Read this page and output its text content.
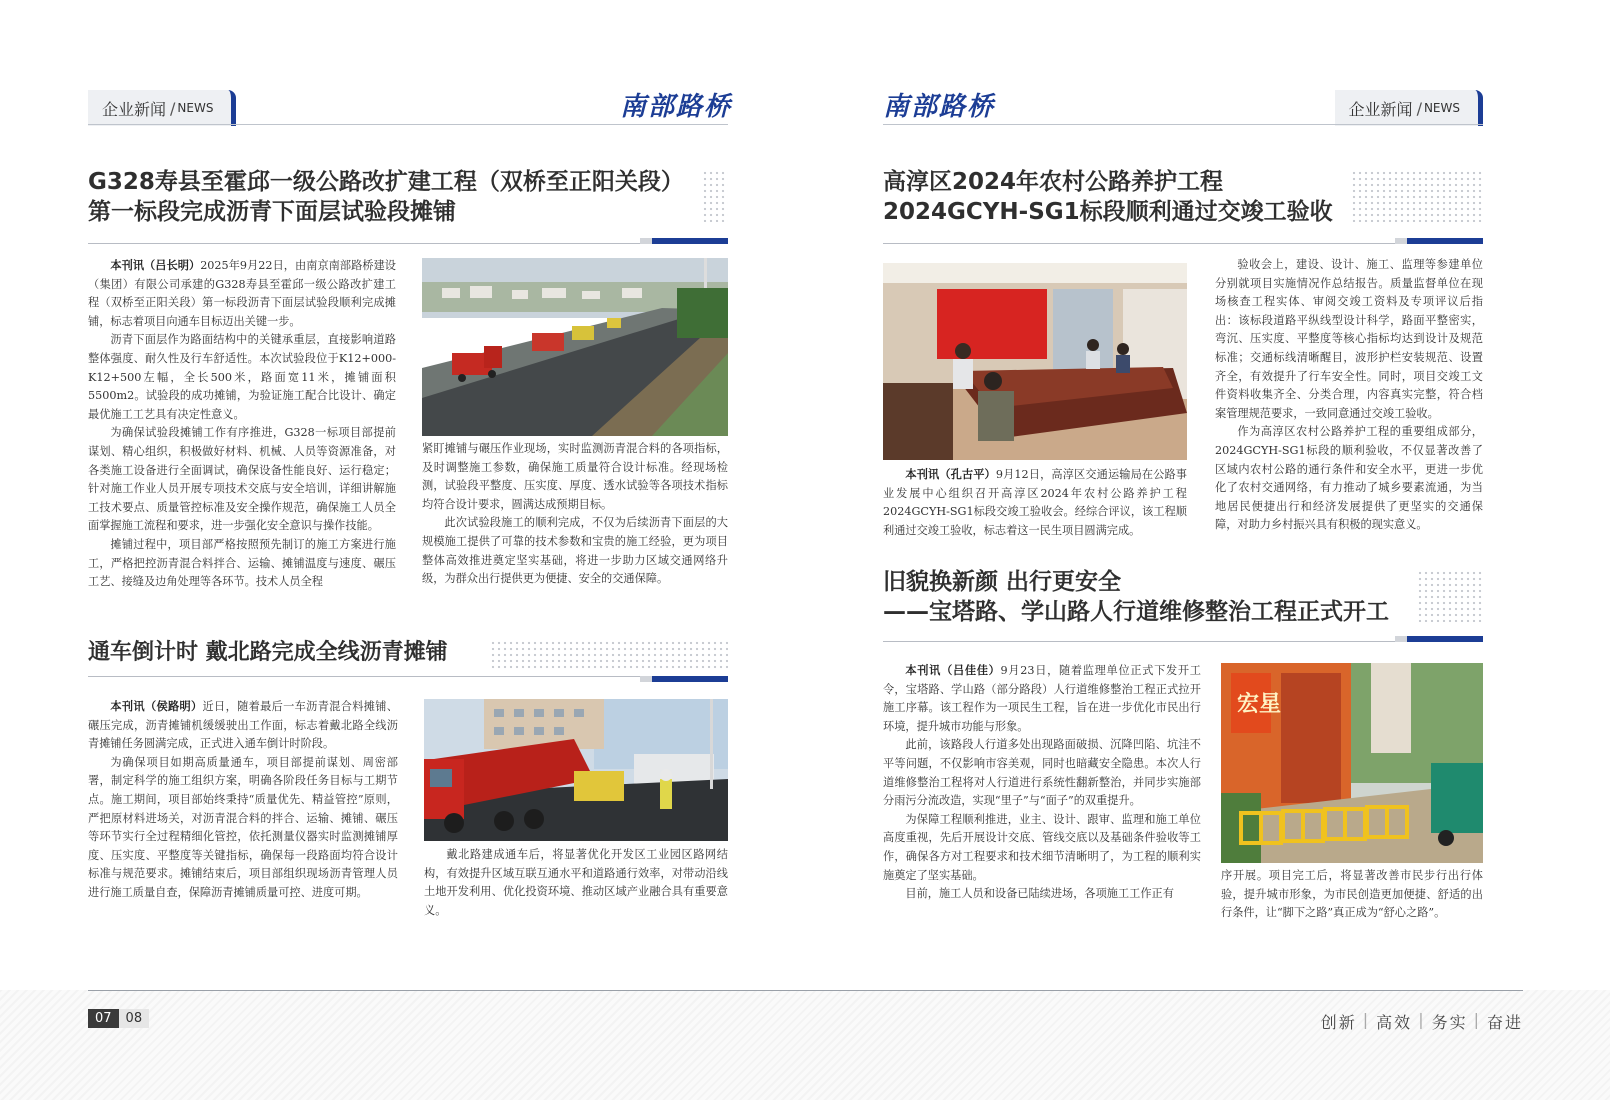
企业新闻 / NEWS	南部路桥
G328寿县至霍邱一级公路改扩建工程（双桥至正阳关段）
第一标段完成沥青下面层试验段摊铺

本刊讯（吕长明）2025年9月22日，由南京南部路桥建设（集团）有限公司承建的G328寿县至霍邱一级公路改扩建工程（双桥至正阳关段）第一标段沥青下面层试验段顺利完成摊铺，标志着项目向通车目标迈出关键一步。

沥青下面层作为路面结构中的关键承重层，直接影响道路整体强度、耐久性及行车舒适性。本次试验段位于K12+000-K12+500左幅，全长500米，路面宽11米，摊铺面积5500m2。试验段的成功摊铺，为验证施工配合比设计、确定最优施工工艺具有决定性意义。

为确保试验段摊铺工作有序推进，G328一标项目部提前谋划、精心组织，积极做好材料、机械、人员等资源准备，对各类施工设备进行全面调试，确保设备性能良好、运行稳定；针对施工作业人员开展专项技术交底与安全培训，详细讲解施工技术要点、质量管控标准及安全操作规范，确保施工人员全面掌握施工流程和要求，进一步强化安全意识与操作技能。

摊铺过程中，项目部严格按照预先制订的施工方案进行施工，严格把控沥青混合料拌合、运输、摊铺温度与速度、碾压工艺、接缝及边角处理等各环节。技术人员全程

紧盯摊铺与碾压作业现场，实时监测沥青混合料的各项指标，及时调整施工参数，确保施工质量符合设计标准。经现场检测，试验段平整度、压实度、厚度、透水试验等各项技术指标均符合设计要求，圆满达成预期目标。

此次试验段施工的顺利完成，不仅为后续沥青下面层的大规模施工提供了可靠的技术参数和宝贵的施工经验，更为项目整体高效推进奠定坚实基础，将进一步助力区域交通网络升级，为群众出行提供更为便捷、安全的交通保障。

通车倒计时 戴北路完成全线沥青摊铺

本刊讯（侯路明）近日，随着最后一车沥青混合料摊铺、碾压完成，沥青摊铺机缓缓驶出工作面，标志着戴北路全线沥青摊铺任务圆满完成，正式进入通车倒计时阶段。

为确保项目如期高质量通车，项目部提前谋划、周密部署，制定科学的施工组织方案，明确各阶段任务目标与工期节点。施工期间，项目部始终秉持“质量优先、精益管控”原则，严把原材料进场关，对沥青混合料的拌合、运输、摊铺、碾压等环节实行全过程精细化管控，依托测量仪器实时监测摊铺厚度、压实度、平整度等关键指标，确保每一段路面均符合设计标准与规范要求。摊铺结束后，项目部组织现场沥青管理人员进行施工质量自查，保障沥青摊铺质量可控、进度可期。

戴北路建成通车后，将显著优化开发区工业园区路网结构，有效提升区域互联互通水平和道路通行效率，对带动沿线土地开发利用、优化投资环境、推动区域产业融合具有重要意义。

南部路桥	企业新闻 / NEWS
高淳区2024年农村公路养护工程
2024GCYH-SG1标段顺利通过交竣工验收

本刊讯（孔古平）9月12日，高淳区交通运输局在公路事业发展中心组织召开高淳区2024年农村公路养护工程2024GCYH-SG1标段交竣工验收会。经综合评议，该工程顺利通过交竣工验收，标志着这一民生项目圆满完成。

验收会上，建设、设计、施工、监理等参建单位分别就项目实施情况作总结报告。质量监督单位在现场核查工程实体、审阅交竣工资料及专项评议后指出：该标段道路平纵线型设计科学，路面平整密实，弯沉、压实度、平整度等核心指标均达到设计及规范标准；交通标线清晰醒目，波形护栏安装规范、设置齐全，有效提升了行车安全性。同时，项目交竣工文件资料收集齐全、分类合理，内容真实完整，符合档案管理规范要求，一致同意通过交竣工验收。

作为高淳区农村公路养护工程的重要组成部分，2024GCYH-SG1标段的顺利验收，不仅显著改善了区域内农村公路的通行条件和安全水平，更进一步优化了农村交通网络，有力推动了城乡要素流通，为当地居民便捷出行和经济发展提供了更坚实的交通保障，对助力乡村振兴具有积极的现实意义。

旧貌换新颜 出行更安全
——宝塔路、学山路人行道维修整治工程正式开工

本刊讯（吕佳佳）9月23日，随着监理单位正式下发开工令，宝塔路、学山路（部分路段）人行道维修整治工程正式拉开施工序幕。该工程作为一项民生工程，旨在进一步优化市民出行环境，提升城市功能与形象。

此前，该路段人行道多处出现路面破损、沉降凹陷、坑洼不平等问题，不仅影响市容美观，同时也暗藏安全隐患。本次人行道维修整治工程将对人行道进行系统性翻新整治，并同步实施部分雨污分流改造，实现“里子”与“面子”的双重提升。

为保障工程顺利推进，业主、设计、跟审、监理和施工单位高度重视，先后开展设计交底、管线交底以及基础条件验收等工作，确保各方对工程要求和技术细节清晰明了，为工程的顺利实施奠定了坚实基础。

目前，施工人员和设备已陆续进场，各项施工工作正有

宏星

序开展。项目完工后，将显著改善市民步行出行体验，提升城市形象，为市民创造更加便捷、舒适的出行条件，让“脚下之路”真正成为“舒心之路”。

07	08	创新 | 高效 | 务实 | 奋进
